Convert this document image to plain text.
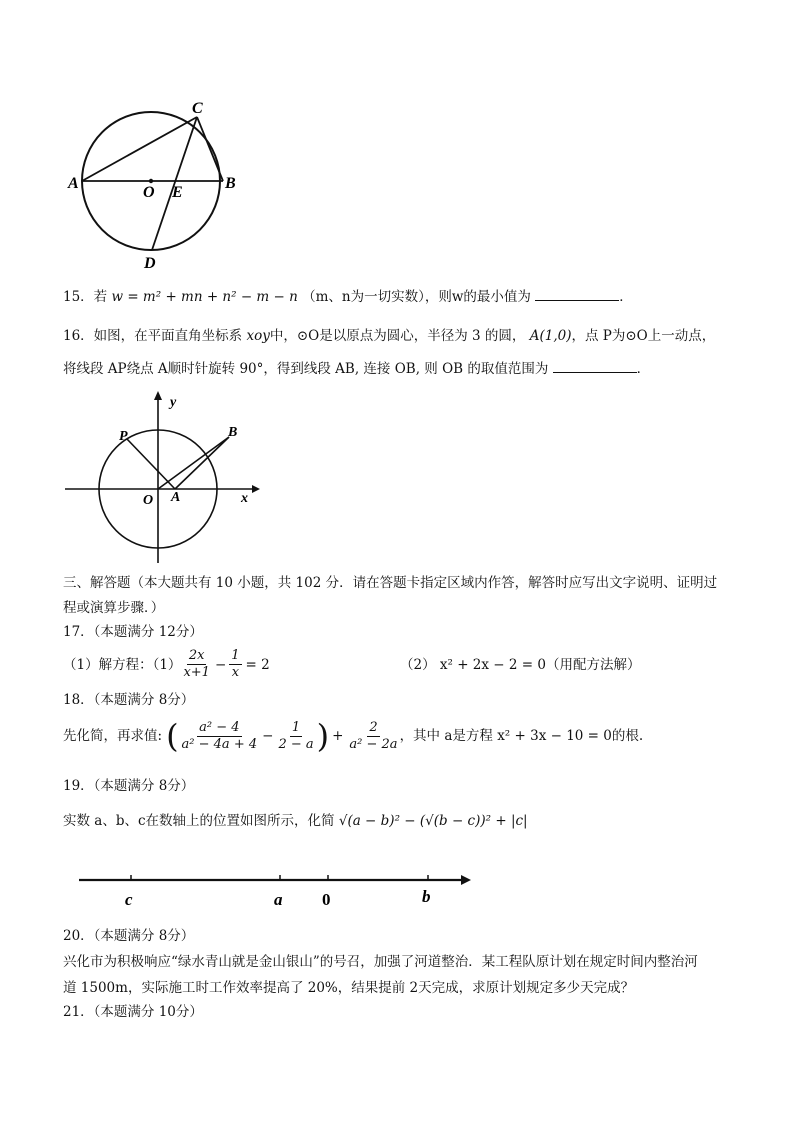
A	B
C
D
O E
15．若 w = m² + mn + n² − m − n （m、n为一切实数），则w的最小值为	．
16．如图，在平面直角坐标系 xoy中，⊙O是以原点为圆心，半径为 3 的圆， A(1,0)，点 P为⊙O上一动点，
将线段 AP绕点 A顺时针旋转 90°，得到线段 AB, 连接 OB, 则 OB 的取值范围为	．
y
x
P	B
O A
三、解答题（本大题共有 10 小题，共 102 分．请在答题卡指定区域内作答，解答时应写出文字说明、证明过
程或演算步骤．）
17．（本题满分 12分）
（1）解方程：$(1) \frac{2x}{x+1} - \frac{1}{x} = 2$	（2） x² + 2x − 2 = 0（用配方法解）
18．（本题满分 8分）
先化简，再求值: ( $\frac{\text{a² − 4}}{\text{a² − 4a + 4}} - \frac{1}{2 - a}$ ) + $\frac{2}{\text{a² − 2a}}$ ，其中 a是方程 x² + 3x − 10 = 0的根.
19．（本题满分 8分）
实数 a、b、c在数轴上的位置如图所示，化简 √(a − b)² − (√(b − c))² + |c|
c	a 0	b
20．（本题满分 8分）
兴化市为积极响应“绿水青山就是金山银山”的号召，加强了河道整治．某工程队原计划在规定时间内整治河
道 1500m，实际施工时工作效率提高了 20%，结果提前 2天完成，求原计划规定多少天完成？
21．（本题满分 10分）
